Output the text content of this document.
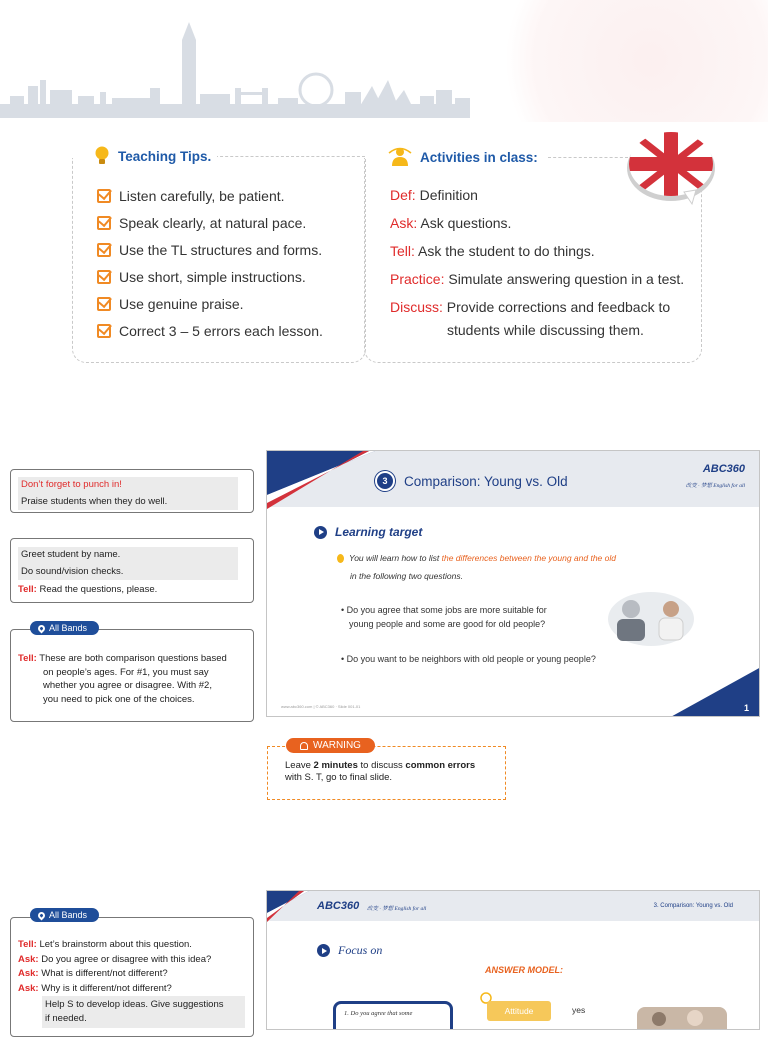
Teaching Tips.
Listen carefully, be patient.
Speak clearly, at natural pace.
Use the TL structures and forms.
Use short, simple instructions.
Use genuine praise.
Correct 3 – 5 errors each lesson.
Activities in class:
Def: Definition
Ask: Ask questions.
Tell: Ask the student to do things.
Practice: Simulate answering question in a test.
Discuss: Provide corrections and feedback to
students while discussing them.
Don’t forget to punch in!
Praise students when they do well.
Greet student by name.
Do sound/vision checks.
Tell: Read the questions, please.
Tell: These are both comparison questions based
on people’s ages. For #1, you must say
whether you agree or disagree. With #2,
you need to pick one of the choices.
All Bands
3	Comparison: Young vs. Old
ABC360
改变 · 梦想 English for all
Learning target
You will learn how to list the differences between the young and the old
in the following two questions.
• Do you agree that some jobs are more suitable for
young people and some are good for old people?
• Do you want to be neighbors with old people or young people?
www.abc360.com | © ABC360 · Slide 001-01	1
WARNING
Leave 2 minutes to discuss common errors
with S. T, go to final slide.
Tell: Let’s brainstorm about this question.
Ask: Do you agree or disagree with this idea?
Ask: What is different/not different?
Ask: Why is it different/not different?
Help S to develop ideas. Give suggestions
if needed.
All Bands
ABC360 改变 · 梦想 English for all	3. Comparison: Young vs. Old
Focus on
ANSWER MODEL:
1. Do you agree that some	Attitude	yes
